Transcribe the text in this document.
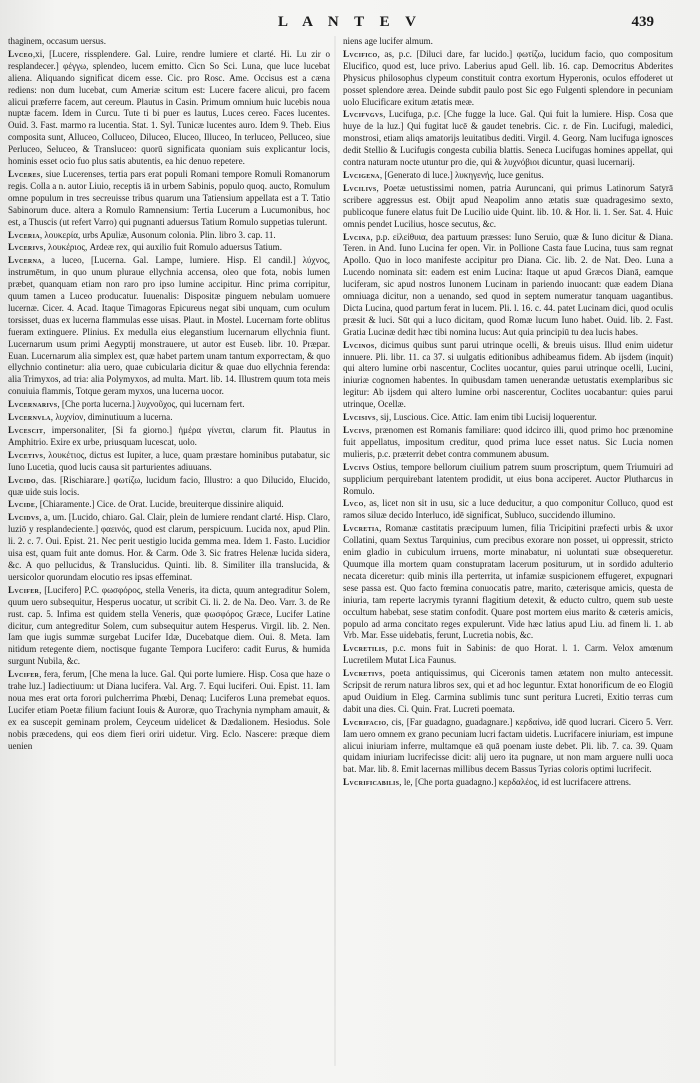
L A N T E V	439

thaginem, occasum uersus.

Lvceo,xi, [Lucere, rissplendere. Gal. Luire, rendre lumiere et clarté. Hi. Lu zir o resplandecer.] φέγγω, splendeo, lucem emitto. Cicn So Sci. Luna, que luce lucebat aliena. Aliquando significat dicem esse. Cic. pro Rosc. Ame. Occisus est a cæna rediens: non dum lucebat, cum Ameriæ scitum est: Lucere facere alicui, pro facem alicui præferre facem, aut cereum. Plautus in Casin. Primum omnium huic lucebis noua nuptæ facem. Idem in Curcu. Tute ti bi puer es lautus, Luces cereo. Faces lucentes. Ouid. 3. Fast. marmo ra lucentia. Stat. 1. Syl. Tunicæ lucentes auro. Idem 9. Theb. Eius composita sunt, Alluceo, Colluceo, Diluceo, Eluceo, Illuceo, In terluceo, Pelluceo, siue Perluceo, Seluceo, & Transluceo: quorū significata quoniam suis explicantur locis, hominis esset ocio fuo plus satis abutentis, ea hic denuo repetere.

Lvceres, siue Lucerenses, tertia pars erat populi Romani tempore Romuli Romanorum regis. Colla a n. autor Liuio, receptis iā in urbem Sabinis, populo quoq. aucto, Romulum omne populum in tres secreuisse tribus quarum una Tatiensium appellata est a T. Tatio Sabinorum duce. altera a Romulo Ramnensium: Tertia Lucerum a Lucumonibus, hoc est, a Thuscis (ut refert Varro) qui pugnanti aduersus Tatium Romulo suppetias tulerunt.

Lvceria, λουκερία, urbs Apuliæ, Ausonum colonia. Plin. libro 3. cap. 11.

Lvcerivs, λουκέριος, Ardeæ rex, qui auxilio fuit Romulo aduersus Tatium.

Lvcerna, a luceo, [Lucerna. Gal. Lampe, lumiere. Hisp. El candil.] λύχνος, instrumētum, in quo unum pluraue ellychnia accensa, oleo que fota, nobis lumen præbet, quanquam etiam non raro pro ipso lumine accipitur. Hinc prima corripitur, quum tamen a Luceo producatur. Iuuenalis: Dispositæ pinguem nebulam uomuere lucernæ. Cicer. 4. Acad. Itaque Timagoras Epicureus negat sibi unquam, cum oculum torsisset, duas ex lucerna flammulas esse uisas. Plaut. in Mostel. Lucernam forte oblitus fueram extinguere. Plinius. Ex medulla eius eleganstium lucernarum ellychnia fiunt. Lucernarum usum primi Aegyptij monstrauere, ut autor est Euseb. libr. 10. Præpar. Euan. Lucernarum alia simplex est, quæ habet partem unam tantum exporrectam, & quo ellychnio continetur: alia uero, quae cubicularia dicitur & quae duo ellychnia ferenda: alia Trimyxos, ad tria: alia Polymyxos, ad multa. Mart. lib. 14. Illustrem quum tota meis conuiuia flammis, Totque geram myxos, una lucerna uocor.

Lvcernarivs, [Che porta lucerna.] λυχνοῦχος, qui lucernam fert.

Lvcernvla, λυχνίον, diminutiuum a lucerna.

Lvcescit, impersonaliter, [Si fa giorno.] ἡμέρα γίνεται, clarum fit. Plautus in Amphitrio. Exire ex urbe, priusquam lucescat, uolo.

Lvcetivs, λουκέτιος, dictus est Iupiter, a luce, quam præstare hominibus putabatur, sic Iuno Lucetia, quod lucis causa sit parturientes adiuuans.

Lvcido, das. [Rischiarare.] φωτίζω, lucidum facio, Illustro: a quo Dilucido, Elucido, quæ uide suis locis.

Lvcide, [Chiaramente.] Cice. de Orat. Lucide, breuiterque dissinire aliquid.

Lvcidvs, a, um. [Lucido, chiaro. Gal. Clair, plein de lumiere rendant clarté. Hisp. Claro, luziō y resplandeciente.] φαεινός, quod est clarum, perspicuum. Lucida nox, apud Plin. li. 2. c. 7. Oui. Epist. 21. Nec perit uestigio lucida gemma mea. Idem 1. Fasto. Lucidior uisa est, quam fuit ante domus. Hor. & Carm. Ode 3. Sic fratres Helenæ lucida sidera, &c. A quo pellucidus, & Translucidus. Quinti. lib. 8. Similiter illa translucida, & uersicolor quorundam elocutio res ipsas effeminat.

Lvcifer, [Lucifero] P.C. φωσφόρος, stella Veneris, ita dicta, quum antegraditur Solem, quum uero subsequitur, Hesperus uocatur, ut scribit Ci. li. 2. de Na. Deo. Varr. 3. de Re rust. cap. 5. Infima est quidem stella Veneris, quæ φωσφόρος Græce, Lucifer Latine dicitur, cum antegreditur Solem, cum subsequitur autem Hesperus. Virgil. lib. 2. Nen. Iam que iugis summæ surgebat Lucifer Idæ, Ducebatque diem. Oui. 8. Meta. Iam nitidum retegente diem, noctisque fugante Tempora Lucifero: cadit Eurus, & humida surgunt Nubila, &c.

Lvcifer, fera, ferum, [Che mena la luce. Gal. Qui porte lumiere. Hisp. Cosa que haze o trahe luz.] Iadiectiuum: ut Diana lucifera. Val. Arg. 7. Equi luciferi. Oui. Epist. 11. Iam noua mes erat orta forori pulcherrima Phœbi, Denaq; Luciferos Luna premebat equos. Lucifer etiam Poetæ filium faciunt Iouis & Auroræ, quo Trachynia nympham amauit, & ex ea suscepit geminam prolem, Ceyceum uidelicet & Dædalionem. Hesiodus. Sole nobis præcedens, qui eos diem fieri oriri uidetur. Virg. Eclo. Nascere: præque diem uenien

niens age lucifer almum.

Lvcifico, as, p.c. [Diluci dare, far lucido.] φωτίζω, lucidum facio, quo compositum Elucifico, quod est, luce privo. Laberius apud Gell. lib. 16. cap. Democritus Abderites Physicus philosophus clypeum constituit contra exortum Hyperonis, oculos effoderet ut posset splendore ærea. Deinde subdit paulo post Sic ego Fulgenti splendore in pecuniam uolo Elucificare exitum ætatis meæ.

Lvcifvgvs, Lucifuga, p.c. [Che fugge la luce. Gal. Qui fuit la lumiere. Hisp. Cosa que huye de la luz.] Qui fugitat lucē & gaudet tenebris. Cic. r. de Fin. Lucifugi, maledici, monstrosi, etiam aliqs amatorijs leuitatibus dediti. Virgil. 4. Georg. Nam lucifuga ignosces dedit Stellio & Lucifugis congesta cubilia blattis. Seneca Lucifugas homines appellat, qui contra naturam nocte utuntur pro die, qui & λυχνόβιοι dicuntur, quasi lucernarij.

Lvcigena, [Generato di luce.] λυκηγενής, luce genitus.

Lvcilivs, Poetæ uetustissimi nomen, patria Auruncani, qui primus Latinorum Satyrā scribere aggressus est. Obijt apud Neapolim anno ætatis suæ quadragesimo sexto, publicoque funere elatus fuit De Lucilio uide Quint. lib. 10. & Hor. li. 1. Ser. Sat. 4. Huic omnis pendet Lucilius, hosce secutus, &c.

Lvcina, p.p. εἰλείθυια, dea partuum præsses: Iuno Seruio, quæ & Iuno dicitur & Diana. Teren. in And. Iuno Lucina fer open. Vir. in Pollione Casta faue Lucina, tuus sam regnat Apollo. Quo in loco manifeste accipitur pro Diana. Cic. lib. 2. de Nat. Deo. Luna a Lucendo nominata sit: eadem est enim Lucina: Itaque ut apud Græcos Dianā, eamque luciferam, sic apud nostros Iunonem Lucinam in pariendo inuocant: quæ eadem Diana omniuaga dicitur, non a uenando, sed quod in septem numeratur tanquam uagantibus. Dicta Lucina, quod partum ferat in lucem. Pli. l. 16. c. 44. patet Lucinam dici, quod oculis præsit & luci. Sūt qui a luco dicitam, quod Romæ lucum Iuno habet. Ouid. lib. 2. Fast. Gratia Lucinæ dedit hæc tibi nomina lucus: Aut quia principiū tu dea lucis habes.

Lvcinos, dicimus quibus sunt parui utrinque ocelli, & breuis uisus. Illud enim uidetur innuere. Pli. libr. 11. ca 37. si uulgatis editionibus adhibeamus fidem. Ab ijsdem (inquit) qui altero lumine orbi nascentur, Coclites uocantur, quies parui utrinque ocelli, Lucini, iniuriæ cognomen habentes. In quibusdam tamen uenerandæ uetustatis exemplaribus sic legitur: Ab ijsdem qui altero lumine orbi nascerentur, Coclites uocabantur: quies parui utrinque, Ocellæ.

Lvcisivs, sij, Luscious. Cice. Attic. Iam enim tibi Lucisij loquerentur.

Lvcivs, prænomen est Romanis familiare: quod idcirco illi, quod primo hoc prænomine fuit appellatus, impositum creditur, quod prima luce esset natus. Sic Lucia nomen mulieris, p.c. præterrit debet contra communem abusum.

Lvcivs Ostius, tempore bellorum ciuilium patrem suum proscriptum, quem Triumuiri ad supplicium perquirebant latentem prodidit, ut eius bona acciperet. Auctor Plutharcus in Romulo.

Lvco, as, licet non sit in usu, sic a luce deducitur, a quo componitur Colluco, quod est ramos siluæ decido Interluco, idē significat, Subluco, succidendo illumino.

Lvcretia, Romanæ castitatis præcipuum lumen, filia Tricipitini præfecti urbis & uxor Collatini, quam Sextus Tarquinius, cum precibus exorare non posset, ui oppressit, stricto enim gladio in cubiculum irruens, morte minabatur, ni uoluntati suæ obsequeretur. Quumque illa mortem quam constupratam lacerum positurum, ut in sordido adulterio necata diceretur: quib minis illa perterrita, ut infamiæ suspicionem effugeret, expugnari sese passa est. Quo facto fœmina conuocatis patre, marito, cæterisque amicis, questa de iniuria, tam reperte lacrymis tyranni flagitium detexit, & educto cultro, quem sub ueste occultum habebat, sese statim confodit. Quare post mortem eius marito & cæteris amicis, populo ad arma concitato reges expulerunt. Vide hæc latius apud Liu. ad finem li. 1. ab Vrb. Mar. Esse uidebatis, ferunt, Lucretia nobis, &c.

Lvcretilis, p.c. mons fuit in Sabinis: de quo Horat. l. 1. Carm. Velox amœnum Lucretilem Mutat Lica Faunus.

Lvcretivs, poeta antiquissimus, qui Ciceronis tamen ætatem non multo antecessit. Scripsit de rerum natura libros sex, qui et ad hoc leguntur. Extat honorificum de eo Elogiū apud Ouidium in Eleg. Carmina sublimis tunc sunt peritura Lucreti, Exitio terras cum dabit una dies. Ci. Quin. Frat. Lucreti poemata.

Lvcrifacio, cis, [Far guadagno, guadagnare.] κερδαίνω, idē quod lucrari. Cicero 5. Verr. Iam uero omnem ex grano pecuniam lucri factam uidetis. Lucrifacere iniuriam, est impune alicui iniuriam inferre, multamque eā quā poenam iuste debet. Pli. lib. 7. ca. 39. Quam quidam iniuriam lucrifecisse dicit: alij uero ita pugnare, ut non mam arguere nulli uoca bat. Mar. lib. 8. Emit lacernas millibus decem Bassus Tyrias coloris optimi lucrifecit.

Lvcrificabilis, le, [Che porta guadagno.] κερδαλέος, id est lucrifacere attrens.
